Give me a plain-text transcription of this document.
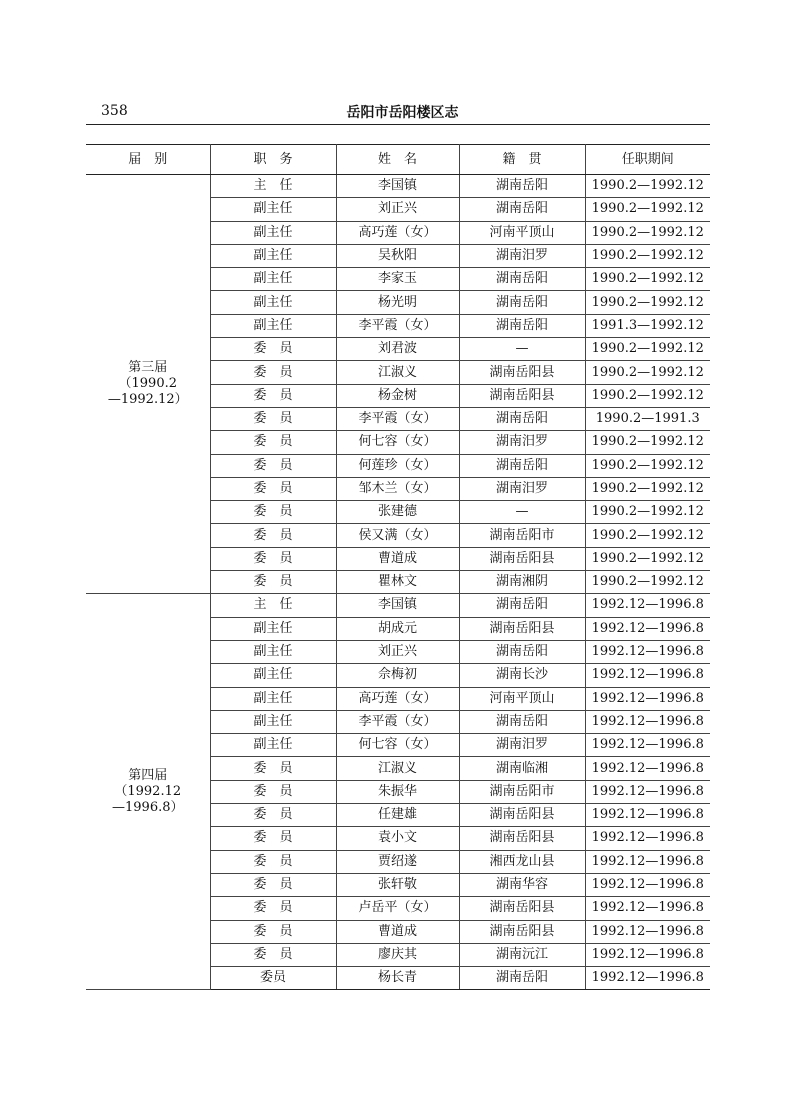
358	岳阳市岳阳楼区志
届　别	职　务	姓　名	籍　贯	任职期间

第三届
（1990.2
—1992.12）	主　任	李国镇	湖南岳阳	1990.2—1992.12
	副主任	刘正兴	湖南岳阳	1990.2—1992.12
	副主任	高巧莲（女）	河南平顶山	1990.2—1992.12
	副主任	吴秋阳	湖南汨罗	1990.2—1992.12
	副主任	李家玉	湖南岳阳	1990.2—1992.12
	副主任	杨光明	湖南岳阳	1990.2—1992.12
	副主任	李平霞（女）	湖南岳阳	1991.3—1992.12
	委　员	刘君波	—	1990.2—1992.12
	委　员	江淑义	湖南岳阳县	1990.2—1992.12
	委　员	杨金树	湖南岳阳县	1990.2—1992.12
	委　员	李平霞（女）	湖南岳阳	1990.2—1991.3
	委　员	何七容（女）	湖南汨罗	1990.2—1992.12
	委　员	何莲珍（女）	湖南岳阳	1990.2—1992.12
	委　员	邹木兰（女）	湖南汨罗	1990.2—1992.12
	委　员	张建德	—	1990.2—1992.12
	委　员	侯又满（女）	湖南岳阳市	1990.2—1992.12
	委　员	曹道成	湖南岳阳县	1990.2—1992.12
	委　员	瞿林文	湖南湘阴	1990.2—1992.12

第四届
（1992.12
—1996.8）	主　任	李国镇	湖南岳阳	1992.12—1996.8
	副主任	胡成元	湖南岳阳县	1992.12—1996.8
	副主任	刘正兴	湖南岳阳	1992.12—1996.8
	副主任	佘梅初	湖南长沙	1992.12—1996.8
	副主任	高巧莲（女）	河南平顶山	1992.12—1996.8
	副主任	李平霞（女）	湖南岳阳	1992.12—1996.8
	副主任	何七容（女）	湖南汨罗	1992.12—1996.8
	委　员	江淑义	湖南临湘	1992.12—1996.8
	委　员	朱振华	湖南岳阳市	1992.12—1996.8
	委　员	任建雄	湖南岳阳县	1992.12—1996.8
	委　员	袁小文	湖南岳阳县	1992.12—1996.8
	委　员	贾绍遂	湘西龙山县	1992.12—1996.8
	委　员	张轩敬	湖南华容	1992.12—1996.8
	委　员	卢岳平（女）	湖南岳阳县	1992.12—1996.8
	委　员	曹道成	湖南岳阳县	1992.12—1996.8
	委　员	廖庆其	湖南沅江	1992.12—1996.8
	委员	杨长青	湖南岳阳	1992.12—1996.8
